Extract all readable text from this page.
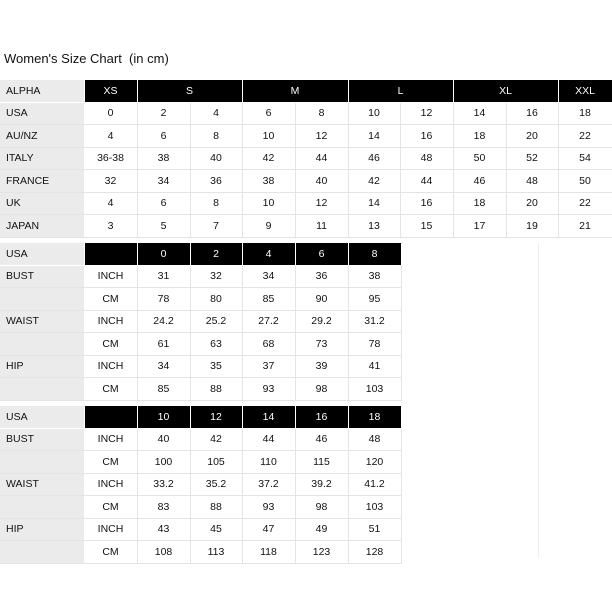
Women's Size Chart  (in cm)
ALPHA	XS	S		M		L		XL		XXL
USA	0	2	4	6	8	10	12	14	16	18
AU/NZ	4	6	8	10	12	14	16	18	20	22
ITALY	36-38	38	40	42	44	46	48	50	52	54
FRANCE	32	34	36	38	40	42	44	46	48	50
UK	4	6	8	10	12	14	16	18	20	22
JAPAN	3	5	7	9	11	13	15	17	19	21
USA		0	2	4	6	8
BUST	INCH	31	32	34	36	38
	CM	78	80	85	90	95
WAIST	INCH	24.2	25.2	27.2	29.2	31.2
	CM	61	63	68	73	78
HIP	INCH	34	35	37	39	41
	CM	85	88	93	98	103
USA		10	12	14	16	18
BUST	INCH	40	42	44	46	48
	CM	100	105	110	115	120
WAIST	INCH	33.2	35.2	37.2	39.2	41.2
	CM	83	88	93	98	103
HIP	INCH	43	45	47	49	51
	CM	108	113	118	123	128
